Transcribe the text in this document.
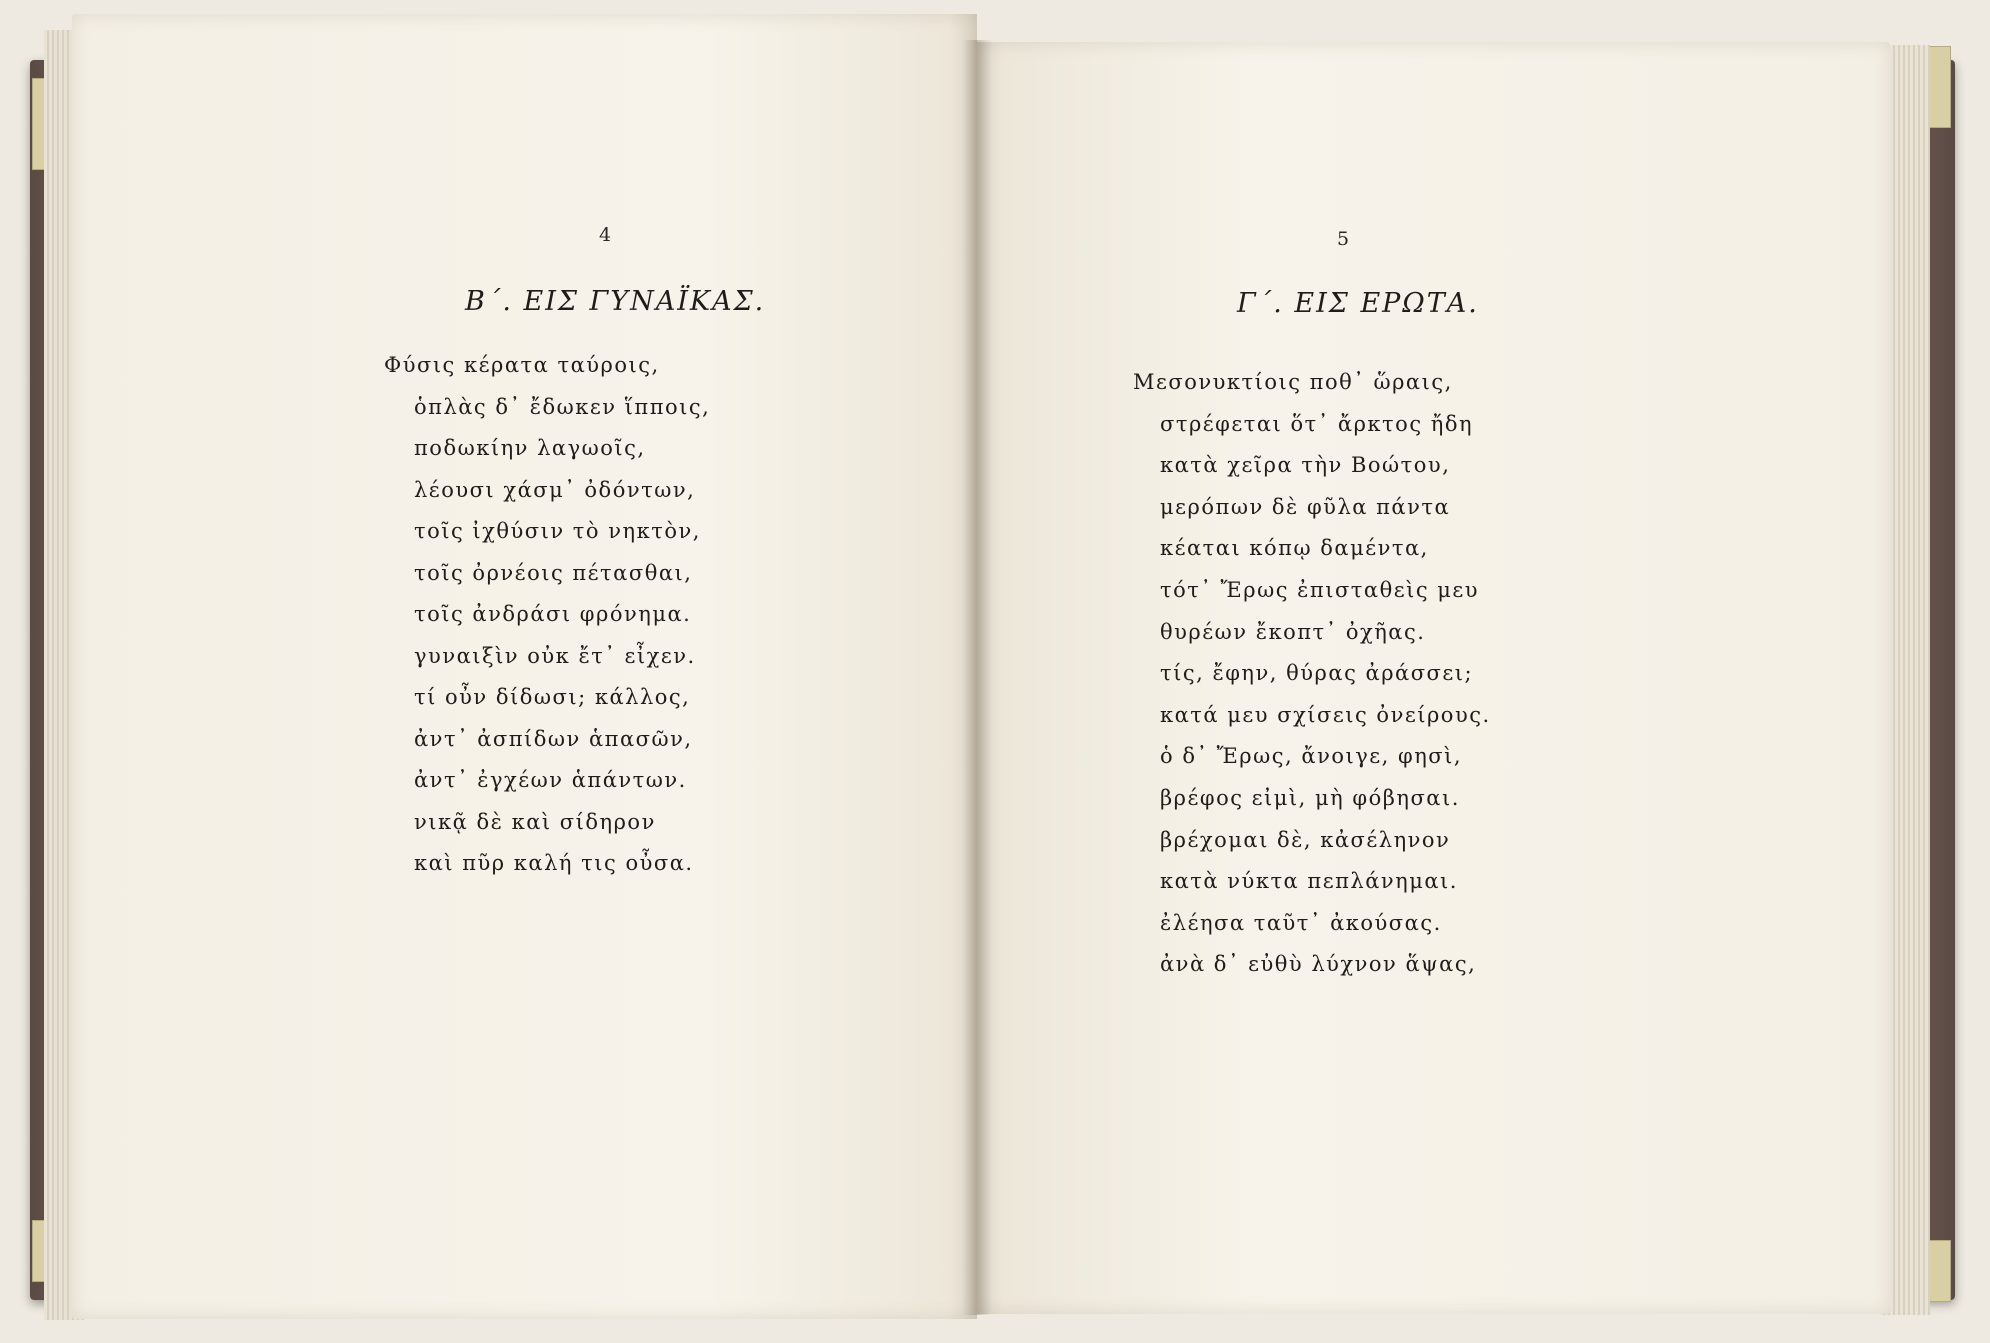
4
Β΄. ΕΙΣ ΓΥΝΑΪΚΑΣ.
Φύσις κέρατα ταύροις,
ὁπλὰς δ᾽ ἔδωκεν ἵπποις,
ποδωκίην λαγωοῖς,
λέουσι χάσμ᾽ ὀδόντων,
τοῖς ἰχθύσιν τὸ νηκτὸν,
τοῖς ὀρνέοις πέτασθαι,
τοῖς ἀνδράσι φρόνημα.
γυναιξὶν οὐκ ἔτ᾽ εἶχεν.
τί οὖν δίδωσι; κάλλος,
ἀντ᾽ ἀσπίδων ἁπασῶν,
ἀντ᾽ ἐγχέων ἁπάντων.
νικᾷ δὲ καὶ σίδηρον
καὶ πῦρ καλή τις οὖσα.
5
Γ΄. ΕΙΣ ΕΡΩΤΑ.
Μεσονυκτίοις ποθ᾽ ὥραις,
στρέφεται ὅτ᾽ ἄρκτος ἤδη
κατὰ χεῖρα τὴν Βοώτου,
μερόπων δὲ φῦλα πάντα
κέαται κόπῳ δαμέντα,
τότ᾽ Ἔρως ἐπισταθεὶς μευ
θυρέων ἔκοπτ᾽ ὀχῆας.
τίς, ἔφην, θύρας ἀράσσει;
κατά μευ σχίσεις ὀνείρους.
ὁ δ᾽ Ἔρως, ἄνοιγε, φησὶ,
βρέφος εἰμὶ, μὴ φόβησαι.
βρέχομαι δὲ, κἀσέληνον
κατὰ νύκτα πεπλάνημαι.
ἐλέησα ταῦτ᾽ ἀκούσας.
ἀνὰ δ᾽ εὐθὺ λύχνον ἅψας,
